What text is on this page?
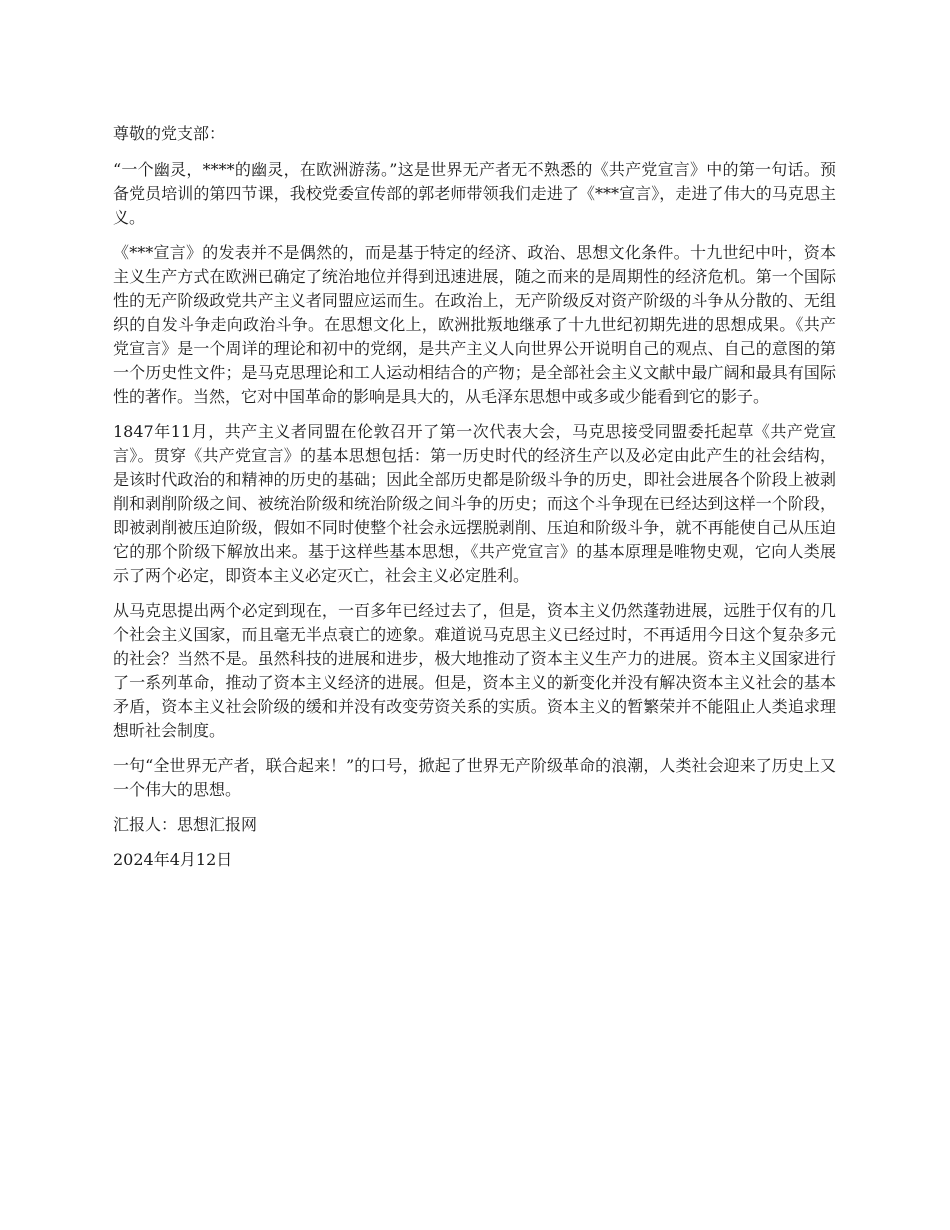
尊敬的党支部：

“一个幽灵，****的幽灵，在欧洲游荡。”这是世界无产者无不熟悉的《共产党宣言》中的第一句话。预备党员培训的第四节课，我校党委宣传部的郭老师带领我们走进了《***宣言》，走进了伟大的马克思主义。

《***宣言》的发表并不是偶然的，而是基于特定的经济、政治、思想文化条件。十九世纪中叶，资本主义生产方式在欧洲已确定了统治地位并得到迅速进展，随之而来的是周期性的经济危机。第一个国际性的无产阶级政党共产主义者同盟应运而生。在政治上，无产阶级反对资产阶级的斗争从分散的、无组织的自发斗争走向政治斗争。在思想文化上，欧洲批叛地继承了十九世纪初期先进的思想成果。《共产党宣言》是一个周详的理论和初中的党纲，是共产主义人向世界公开说明自己的观点、自己的意图的第一个历史性文件；是马克思理论和工人运动相结合的产物；是全部社会主义文献中最广阔和最具有国际性的著作。当然，它对中国革命的影响是具大的，从毛泽东思想中或多或少能看到它的影子。

1847年11月，共产主义者同盟在伦敦召开了第一次代表大会，马克思接受同盟委托起草《共产党宣言》。贯穿《共产党宣言》的基本思想包括：第一历史时代的经济生产以及必定由此产生的社会结构，是该时代政治的和精神的历史的基础；因此全部历史都是阶级斗争的历史，即社会进展各个阶段上被剥削和剥削阶级之间、被统治阶级和统治阶级之间斗争的历史；而这个斗争现在已经达到这样一个阶段，即被剥削被压迫阶级，假如不同时使整个社会永远摆脱剥削、压迫和阶级斗争，就不再能使自己从压迫它的那个阶级下解放出来。基于这样些基本思想，《共产党宣言》的基本原理是唯物史观，它向人类展示了两个必定，即资本主义必定灭亡，社会主义必定胜利。

从马克思提出两个必定到现在，一百多年已经过去了，但是，资本主义仍然蓬勃进展，远胜于仅有的几个社会主义国家，而且毫无半点衰亡的迹象。难道说马克思主义已经过时，不再适用今日这个复杂多元的社会？当然不是。虽然科技的进展和进步，极大地推动了资本主义生产力的进展。资本主义国家进行了一系列革命，推动了资本主义经济的进展。但是，资本主义的新变化并没有解决资本主义社会的基本矛盾，资本主义社会阶级的缓和并没有改变劳资关系的实质。资本主义的暂繁荣并不能阻止人类追求理想昕社会制度。

一句“全世界无产者，联合起来！”的口号，掀起了世界无产阶级革命的浪潮，人类社会迎来了历史上又一个伟大的思想。

汇报人：思想汇报网

2024年4月12日
